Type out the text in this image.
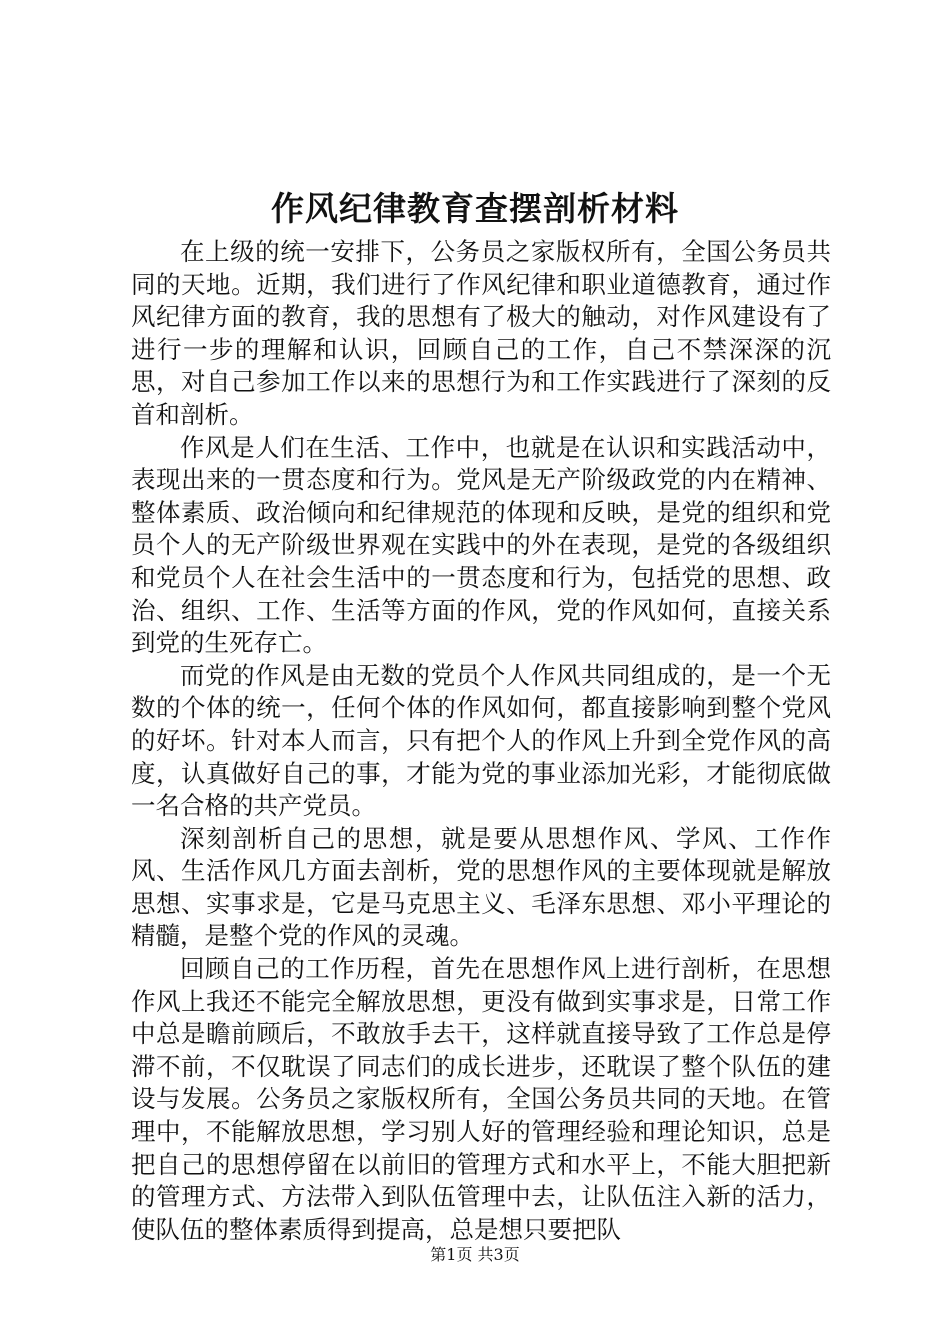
作风纪律教育查摆剖析材料

在上级的统一安排下，公务员之家版权所有，全国公务员共同的天地。近期，我们进行了作风纪律和职业道德教育，通过作风纪律方面的教育，我的思想有了极大的触动，对作风建设有了进行一步的理解和认识，回顾自己的工作，自己不禁深深的沉思，对自己参加工作以来的思想行为和工作实践进行了深刻的反首和剖析。

作风是人们在生活、工作中，也就是在认识和实践活动中，表现出来的一贯态度和行为。党风是无产阶级政党的内在精神、整体素质、政治倾向和纪律规范的体现和反映，是党的组织和党员个人的无产阶级世界观在实践中的外在表现，是党的各级组织和党员个人在社会生活中的一贯态度和行为，包括党的思想、政治、组织、工作、生活等方面的作风，党的作风如何，直接关系到党的生死存亡。

而党的作风是由无数的党员个人作风共同组成的，是一个无数的个体的统一，任何个体的作风如何，都直接影响到整个党风的好坏。针对本人而言，只有把个人的作风上升到全党作风的高度，认真做好自己的事，才能为党的事业添加光彩，才能彻底做一名合格的共产党员。

深刻剖析自己的思想，就是要从思想作风、学风、工作作风、生活作风几方面去剖析，党的思想作风的主要体现就是解放思想、实事求是，它是马克思主义、毛泽东思想、邓小平理论的精髓，是整个党的作风的灵魂。

回顾自己的工作历程，首先在思想作风上进行剖析，在思想作风上我还不能完全解放思想，更没有做到实事求是，日常工作中总是瞻前顾后，不敢放手去干，这样就直接导致了工作总是停滞不前，不仅耽误了同志们的成长进步，还耽误了整个队伍的建设与发展。公务员之家版权所有，全国公务员共同的天地。在管理中，不能解放思想，学习别人好的管理经验和理论知识，总是把自己的思想停留在以前旧的管理方式和水平上，不能大胆把新的管理方式、方法带入到队伍管理中去，让队伍注入新的活力，使队伍的整体素质得到提高，总是想只要把队

第1页 共3页
